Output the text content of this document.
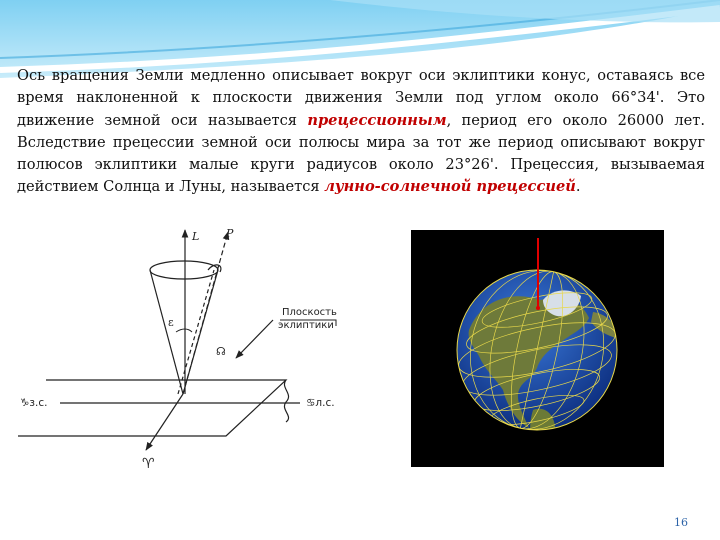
Ось вращения Земли медленно описывает вокруг оси эклиптики конус, оставаясь все время наклоненной к плоскости движения Земли под углом около 66°34'. Это движение земной оси называется прецессионным, период его около 26000 лет. Вследствие прецессии земной оси полюсы мира за тот же период описывают вокруг полюсов эклиптики малые круги радиусов около 23°26'. Прецессия, вызываемая действием Солнца и Луны, называется лунно-солнечной прецессией.
L P
ε
Плоскость
эклиптики
☊
♑з.с.	♋л.с.
♈
16
